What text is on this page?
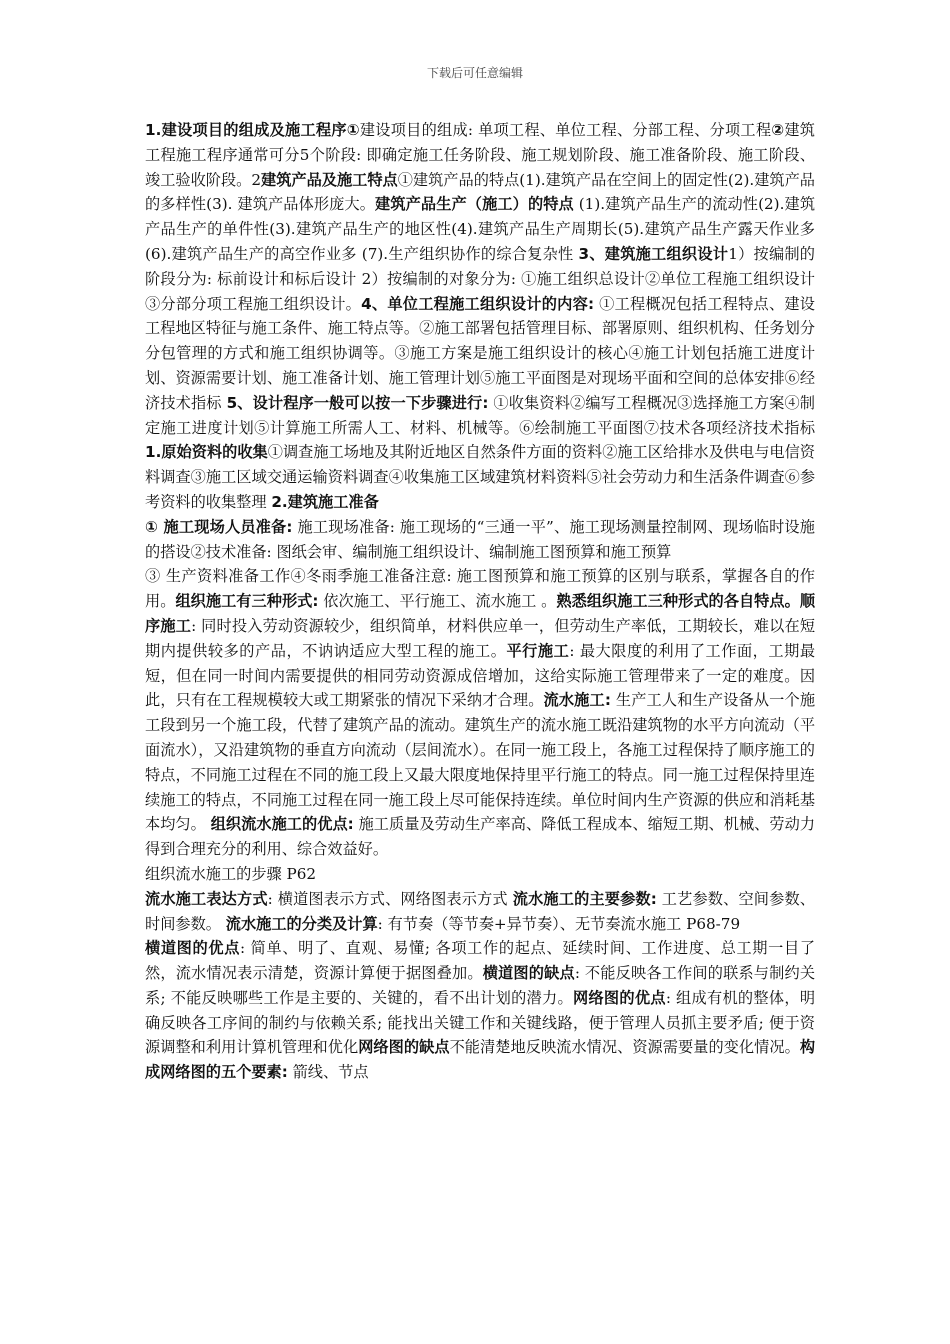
下载后可任意编辑

1.建设项目的组成及施工程序①建设项目的组成: 单项工程、单位工程、分部工程、分项工程②建筑工程施工程序通常可分5个阶段: 即确定施工任务阶段、施工规划阶段、施工准备阶段、施工阶段、竣工验收阶段。2建筑产品及施工特点①建筑产品的特点(1).建筑产品在空间上的固定性(2).建筑产品的多样性(3). 建筑产品体形庞大。建筑产品生产（施工）的特点 (1).建筑产品生产的流动性(2).建筑产品生产的单件性(3).建筑产品生产的地区性(4).建筑产品生产周期长(5).建筑产品生产露天作业多(6).建筑产品生产的高空作业多 (7).生产组织协作的综合复杂性 3、建筑施工组织设计1）按编制的阶段分为: 标前设计和标后设计 2）按编制的对象分为: ①施工组织总设计②单位工程施工组织设计③分部分项工程施工组织设计。4、单位工程施工组织设计的内容: ①工程概况包括工程特点、建设工程地区特征与施工条件、施工特点等。②施工部署包括管理目标、部署原则、组织机构、任务划分分包管理的方式和施工组织协调等。③施工方案是施工组织设计的核心④施工计划包括施工进度计划、资源需要计划、施工准备计划、施工管理计划⑤施工平面图是对现场平面和空间的总体安排⑥经济技术指标 5、设计程序一般可以按一下步骤进行: ①收集资料②编写工程概况③选择施工方案④制定施工进度计划⑤计算施工所需人工、材料、机械等。⑥绘制施工平面图⑦技术各项经济技术指标 1.原始资料的收集①调查施工场地及其附近地区自然条件方面的资料②施工区给排水及供电与电信资料调查③施工区域交通运输资料调查④收集施工区域建筑材料资料⑤社会劳动力和生活条件调查⑥参考资料的收集整理 2.建筑施工准备

① 施工现场人员准备: 施工现场准备: 施工现场的“三通一平”、施工现场测量控制网、现场临时设施的搭设②技术准备: 图纸会审、编制施工组织设计、编制施工图预算和施工预算

③ 生产资料准备工作④冬雨季施工准备注意: 施工图预算和施工预算的区别与联系，掌握各自的作用。组织施工有三种形式: 依次施工、平行施工、流水施工 。熟悉组织施工三种形式的各自特点。顺序施工: 同时投入劳动资源较少，组织简单，材料供应单一，但劳动生产率低，工期较长，难以在短期内提供较多的产品，不讷讷适应大型工程的施工。平行施工: 最大限度的利用了工作面，工期最短，但在同一时间内需要提供的相同劳动资源成倍增加，这给实际施工管理带来了一定的难度。因此，只有在工程规模较大或工期紧张的情况下采纳才合理。流水施工: 生产工人和生产设备从一个施工段到另一个施工段，代替了建筑产品的流动。建筑生产的流水施工既沿建筑物的水平方向流动（平面流水），又沿建筑物的垂直方向流动（层间流水）。在同一施工段上，各施工过程保持了顺序施工的特点，不同施工过程在不同的施工段上又最大限度地保持里平行施工的特点。同一施工过程保持里连续施工的特点，不同施工过程在同一施工段上尽可能保持连续。单位时间内生产资源的供应和消耗基本均匀。 组织流水施工的优点: 施工质量及劳动生产率高、降低工程成本、缩短工期、机械、劳动力得到合理充分的利用、综合效益好。

组织流水施工的步骤 P62

流水施工表达方式: 横道图表示方式、网络图表示方式 流水施工的主要参数: 工艺参数、空间参数、时间参数。 流水施工的分类及计算: 有节奏（等节奏+异节奏）、无节奏流水施工 P68-79

横道图的优点: 简单、明了、直观、易懂; 各项工作的起点、延续时间、工作进度、总工期一目了然，流水情况表示清楚，资源计算便于据图叠加。横道图的缺点: 不能反映各工作间的联系与制约关系; 不能反映哪些工作是主要的、关键的，看不出计划的潜力。网络图的优点: 组成有机的整体，明确反映各工序间的制约与依赖关系; 能找出关键工作和关键线路，便于管理人员抓主要矛盾; 便于资源调整和利用计算机管理和优化网络图的缺点不能清楚地反映流水情况、资源需要量的变化情况。构成网络图的五个要素: 箭线、节点
